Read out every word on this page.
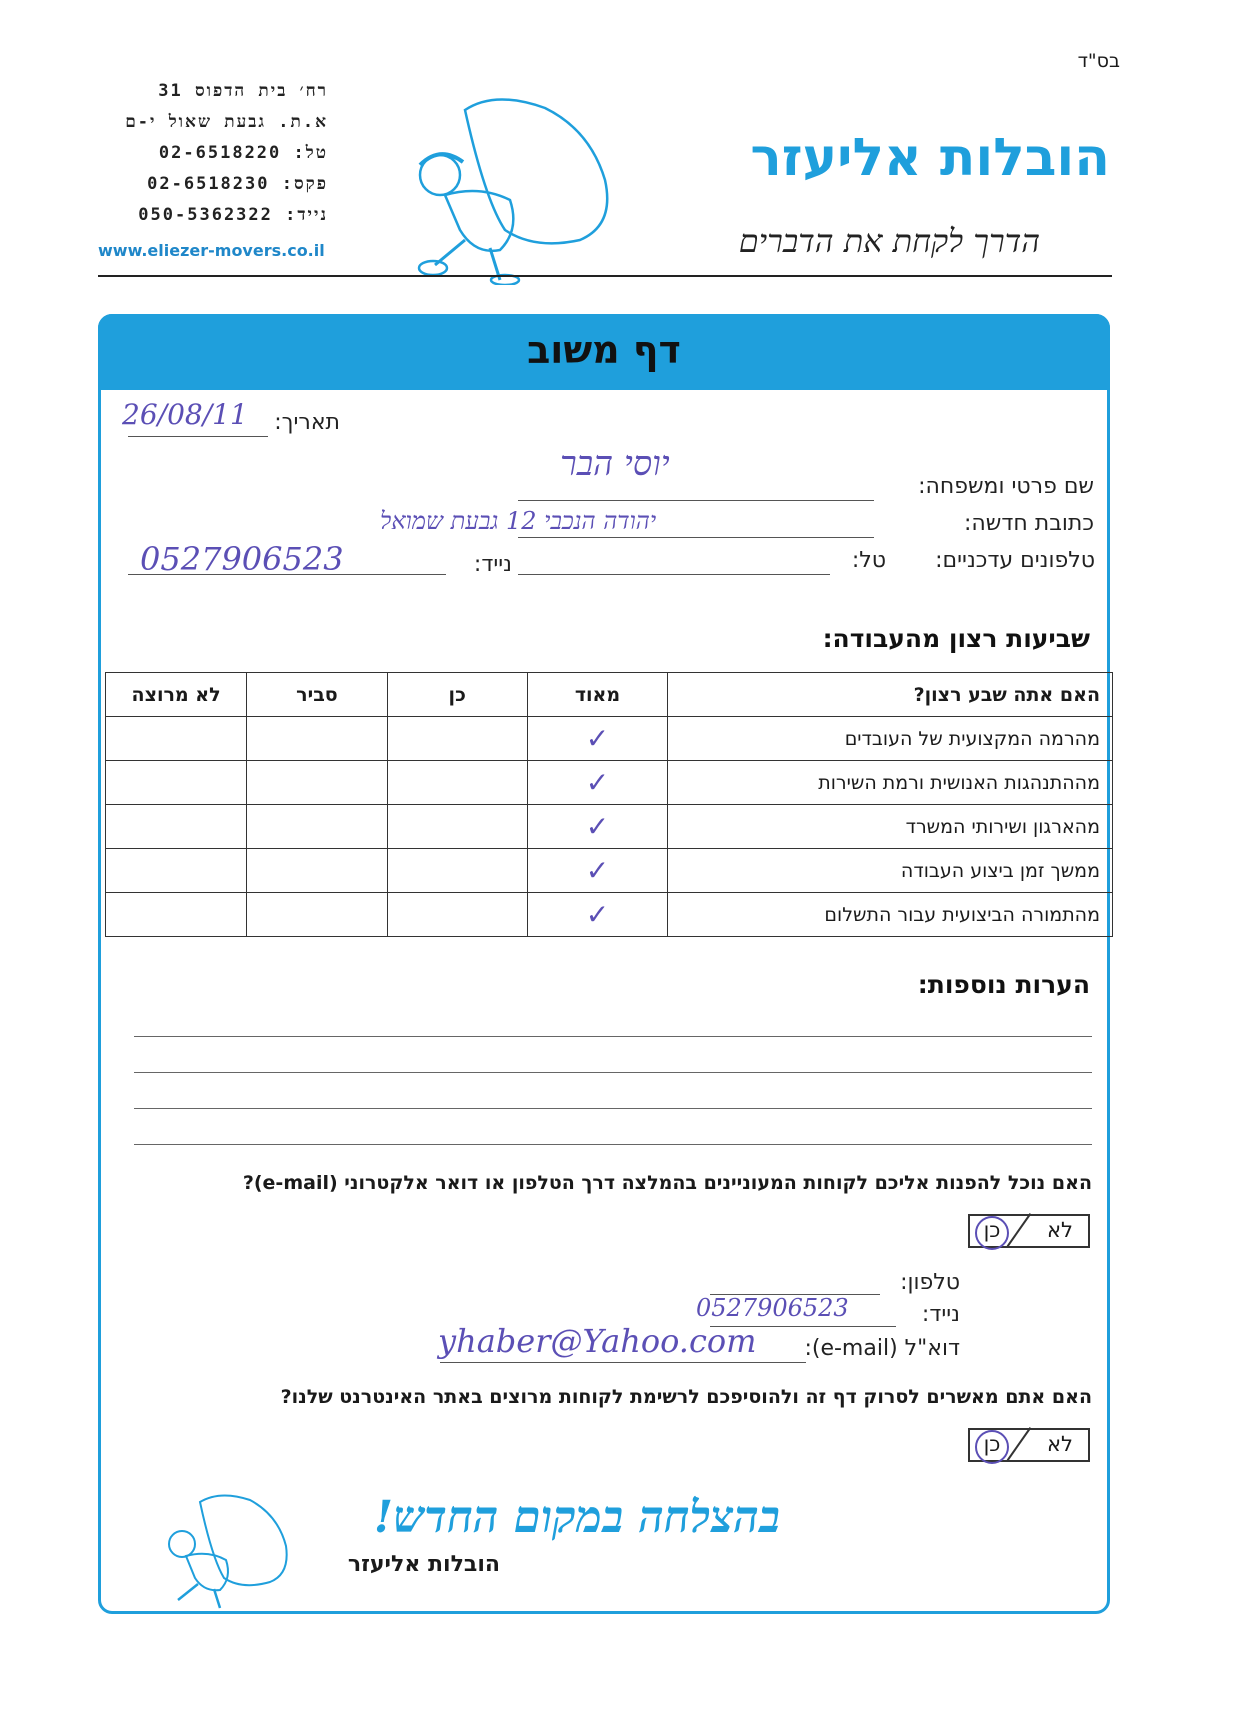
בס"ד
רח׳ בית הדפוס 31
א.ת. גבעת שאול י-ם
טל: 02-6518220
פקס: 02-6518230
נייד: 050-5362322
www.eliezer-movers.co.il
הובלות אליעזר
הדרך לקחת את הדברים
דף משוב
תאריך:
26/08/11
שם פרטי ומשפחה:
יוסי הבר
כתובת חדשה:
יהודה הנכבי 12 גבעת שמואל
טלפונים עדכניים:
טל:
נייד:
0527906523
שביעות רצון מהעבודה:
האם אתה שבע רצון?	מאוד	כן	סביר	לא מרוצה
מהרמה המקצועית של העובדים	✓			
מההתנהגות האנושית ורמת השירות	✓			
מהארגון ושירותי המשרד	✓			
ממשך זמן ביצוע העבודה	✓			
מהתמורה הביצועית עבור התשלום	✓			
הערות נוספות:
האם נוכל להפנות אליכם לקוחות המעוניינים בהמלצה דרך הטלפון או דואר אלקטרוני (e-mail)?
לא
כן
טלפון:
נייד:
0527906523
דוא"ל (e-mail):
yhaber@Yahoo.com
האם אתם מאשרים לסרוק דף זה ולהוסיפכם לרשימת לקוחות מרוצים באתר האינטרנט שלנו?
לא
כן
בהצלחה במקום החדש!
הובלות אליעזר
